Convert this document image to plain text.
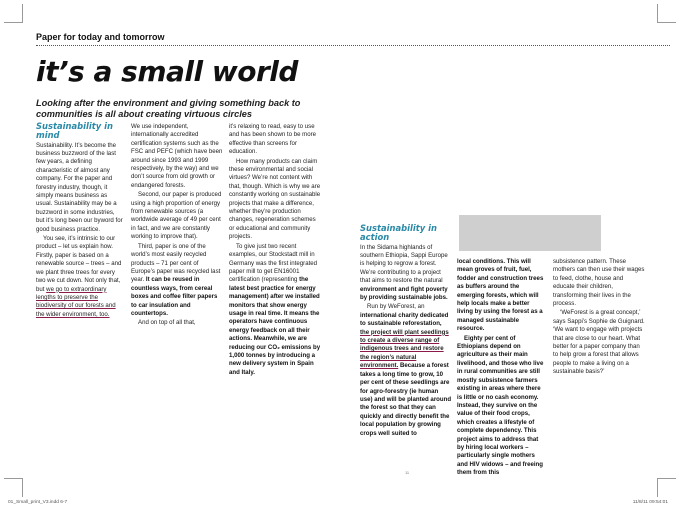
Paper for today and tomorrow
it’s a small world
Looking after the environment and giving something back to communities is all about creating virtuous circles
Sustainability in mind

Sustainability. It’s become the business buzzword of the last few years, a defining characteristic of almost any company. For the paper and forestry industry, though, it simply means business as usual. Sustainability may be a buzzword in some industries, but it’s long been our byword for good business practice.

You see, it’s intrinsic to our product – let us explain how. Firstly, paper is based on a renewable source – trees – and we plant three trees for every two we cut down. Not only that, but we go to extraordinary lengths to preserve the biodiversity of our forests and the wider environment, too.

We use independent, internationally accredited certification systems such as the FSC and PEFC (which have been around since 1993 and 1999 respectively, by the way) and we don’t source from old growth or endangered forests.

Second, our paper is produced using a high proportion of energy from renewable sources (a worldwide average of 49 per cent in fact, and we are constantly working to improve that).

Third, paper is one of the world’s most easily recycled products – 71 per cent of Europe’s paper was recycled last year. It can be reused in countless ways, from cereal boxes and coffee filter papers to car insulation and countertops.

And on top of all that,

it’s relaxing to read, easy to use and has been shown to be more effective than screens for education.

How many products can claim these environmental and social virtues? We’re not content with that, though. Which is why we are constantly working on sustainable projects that make a difference, whether they’re production changes, regeneration schemes or educational and community projects.

To give just two recent examples, our Stockstadt mill in Germany was the first integrated paper mill to get EN16001 certification (representing the latest best practice for energy management) after we installed monitors that show energy usage in real time. It means the operators have continuous energy feedback on all their actions. Meanwhile, we are reducing our CO₂ emissions by 1,000 tonnes by introducing a new delivery system in Spain and Italy.

Sustainability in action

In the Sidama highlands of southern Ethiopia, Sappi Europe is helping to regrow a forest. We’re contributing to a project that aims to restore the natural environment and fight poverty by providing sustainable jobs.

Run by WeForest, an international charity dedicated to sustainable reforestation, the project will plant seedlings to create a diverse range of indigenous trees and restore the region’s natural environment. Because a forest takes a long time to grow, 10 per cent of these seedlings are for agro-forestry (ie human use) and will be planted around the forest so that they can quickly and directly benefit the local population by growing crops well suited to

local conditions. This will mean groves of fruit, fuel, fodder and construction trees as buffers around the emerging forests, which will help locals make a better living by using the forest as a managed sustainable resource.

Eighty per cent of Ethiopians depend on agriculture as their main livelihood, and those who live in rural communities are still mostly subsistence farmers existing in areas where there is little or no cash economy. Instead, they survive on the value of their food crops, which creates a lifestyle of complete dependency. This project aims to address that by hiring local workers – particularly single mothers and HIV widows – and freeing them from this

subsistence pattern. These mothers can then use their wages to feed, clothe, house and educate their children, transforming their lives in the process.

‘WeForest is a great concept,’ says Sappi’s Sophie de Guignard. ‘We want to engage with projects that are close to our heart. What better for a paper company than to help grow a forest that allows people to make a living on a sustainable basis?’

11
01_Small_print_V3.indd 6-7	11/8/11 09:54:01
